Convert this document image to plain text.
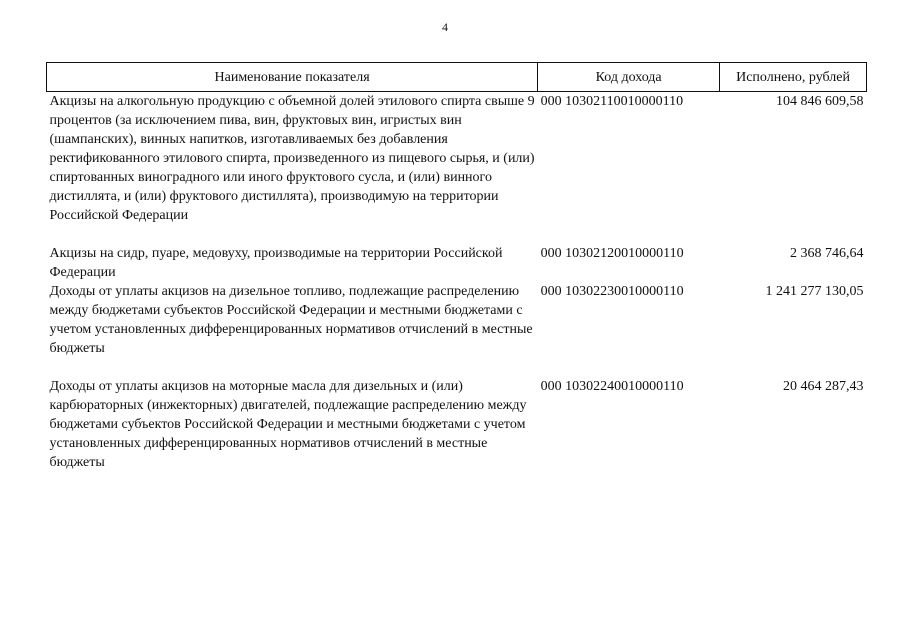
4
Наименование показателя	Код дохода	Исполнено, рублей
Акцизы на алкогольную продукцию с объемной долей этилового спирта свыше 9 процентов (за исключением пива, вин, фруктовых вин, игристых вин (шампанских), винных напитков, изготавливаемых без добавления ректификованного этилового спирта, произведенного из пищевого сырья, и (или) спиртованных виноградного или иного фруктового сусла, и (или) винного дистиллята, и (или) фруктового дистиллята), производимую на территории Российской Федерации	000 10302110010000110	104 846 609,58
Акцизы на сидр, пуаре, медовуху, производимые на территории Российской Федерации	000 10302120010000110	2 368 746,64
Доходы от уплаты акцизов на дизельное топливо, подлежащие распределению между бюджетами субъектов Российской Федерации и местными бюджетами с учетом установленных дифференцированных нормативов отчислений в местные бюджеты	000 10302230010000110	1 241 277 130,05
Доходы от уплаты акцизов на моторные масла для дизельных и (или) карбюраторных (инжекторных) двигателей, подлежащие распределению между бюджетами субъектов Российской Федерации и местными бюджетами с учетом установленных дифференцированных нормативов отчислений в местные бюджеты	000 10302240010000110	20 464 287,43
